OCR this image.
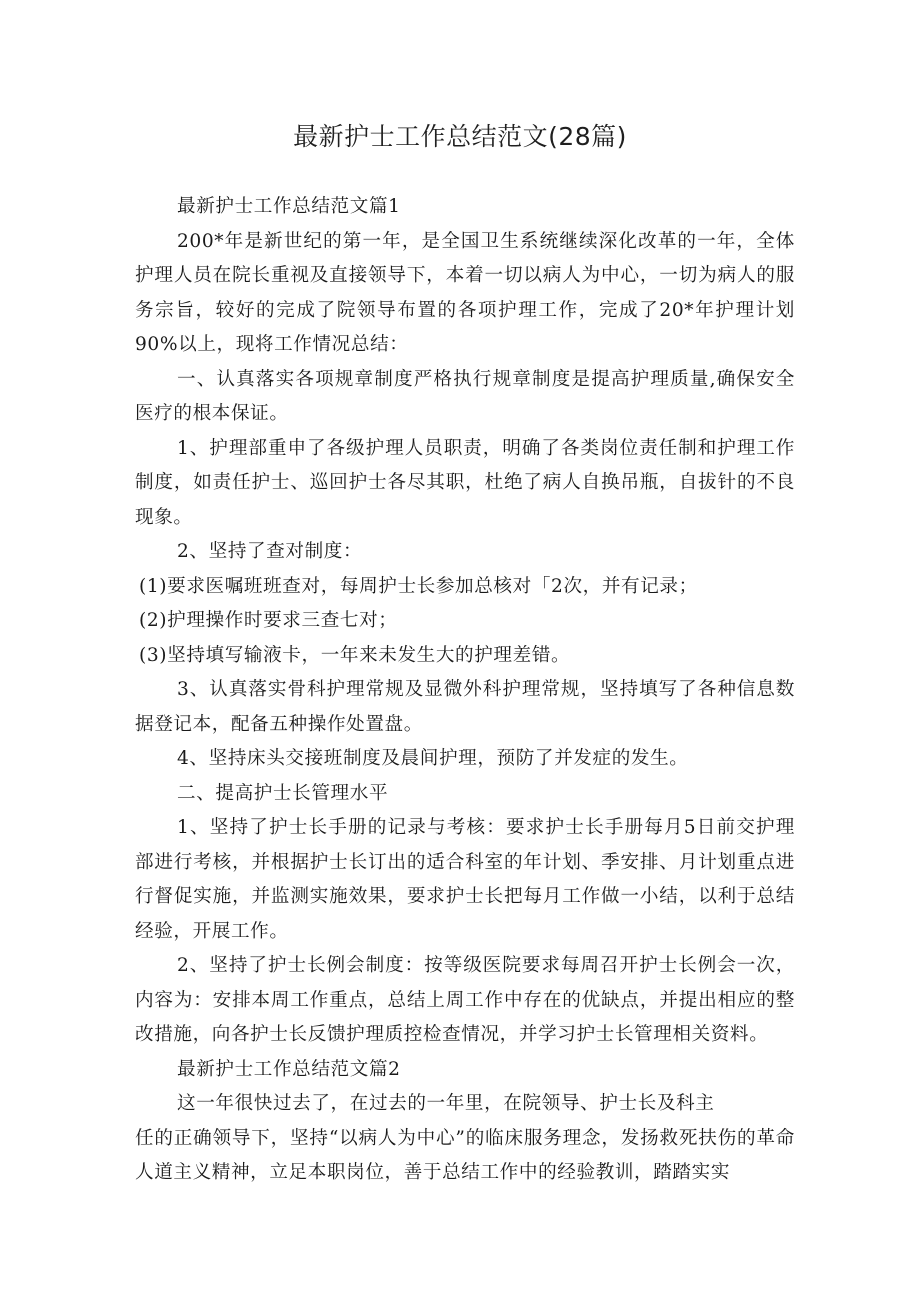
最新护士工作总结范文(28篇)

最新护士工作总结范文篇1

200*年是新世纪的第一年，是全国卫生系统继续深化改革的一年，全体护理人员在院长重视及直接领导下，本着一切以病人为中心，一切为病人的服务宗旨，较好的完成了院领导布置的各项护理工作，完成了20*年护理计划90%以上，现将工作情况总结：

一、认真落实各项规章制度严格执行规章制度是提高护理质量,确保安全医疗的根本保证。

1、护理部重申了各级护理人员职责，明确了各类岗位责任制和护理工作制度，如责任护士、巡回护士各尽其职，杜绝了病人自换吊瓶，自拔针的不良现象。

2、坚持了查对制度：

(1)要求医嘱班班查对，每周护士长参加总核对「2次，并有记录；

(2)护理操作时要求三查七对；

(3)坚持填写输液卡，一年来未发生大的护理差错。

3、认真落实骨科护理常规及显微外科护理常规，坚持填写了各种信息数据登记本，配备五种操作处置盘。

4、坚持床头交接班制度及晨间护理，预防了并发症的发生。

二、提高护士长管理水平

1、坚持了护士长手册的记录与考核：要求护士长手册每月5日前交护理部进行考核，并根据护士长订出的适合科室的年计划、季安排、月计划重点进行督促实施，并监测实施效果，要求护士长把每月工作做一小结，以利于总结经验，开展工作。

2、坚持了护士长例会制度：按等级医院要求每周召开护士长例会一次，内容为：安排本周工作重点，总结上周工作中存在的优缺点，并提出相应的整改措施，向各护士长反馈护理质控检查情况，并学习护士长管理相关资料。

最新护士工作总结范文篇2

这一年很快过去了，在过去的一年里，在院领导、护士长及科主

任的正确领导下，坚持“以病人为中心”的临床服务理念，发扬救死扶伤的革命人道主义精神，立足本职岗位，善于总结工作中的经验教训，踏踏实实
